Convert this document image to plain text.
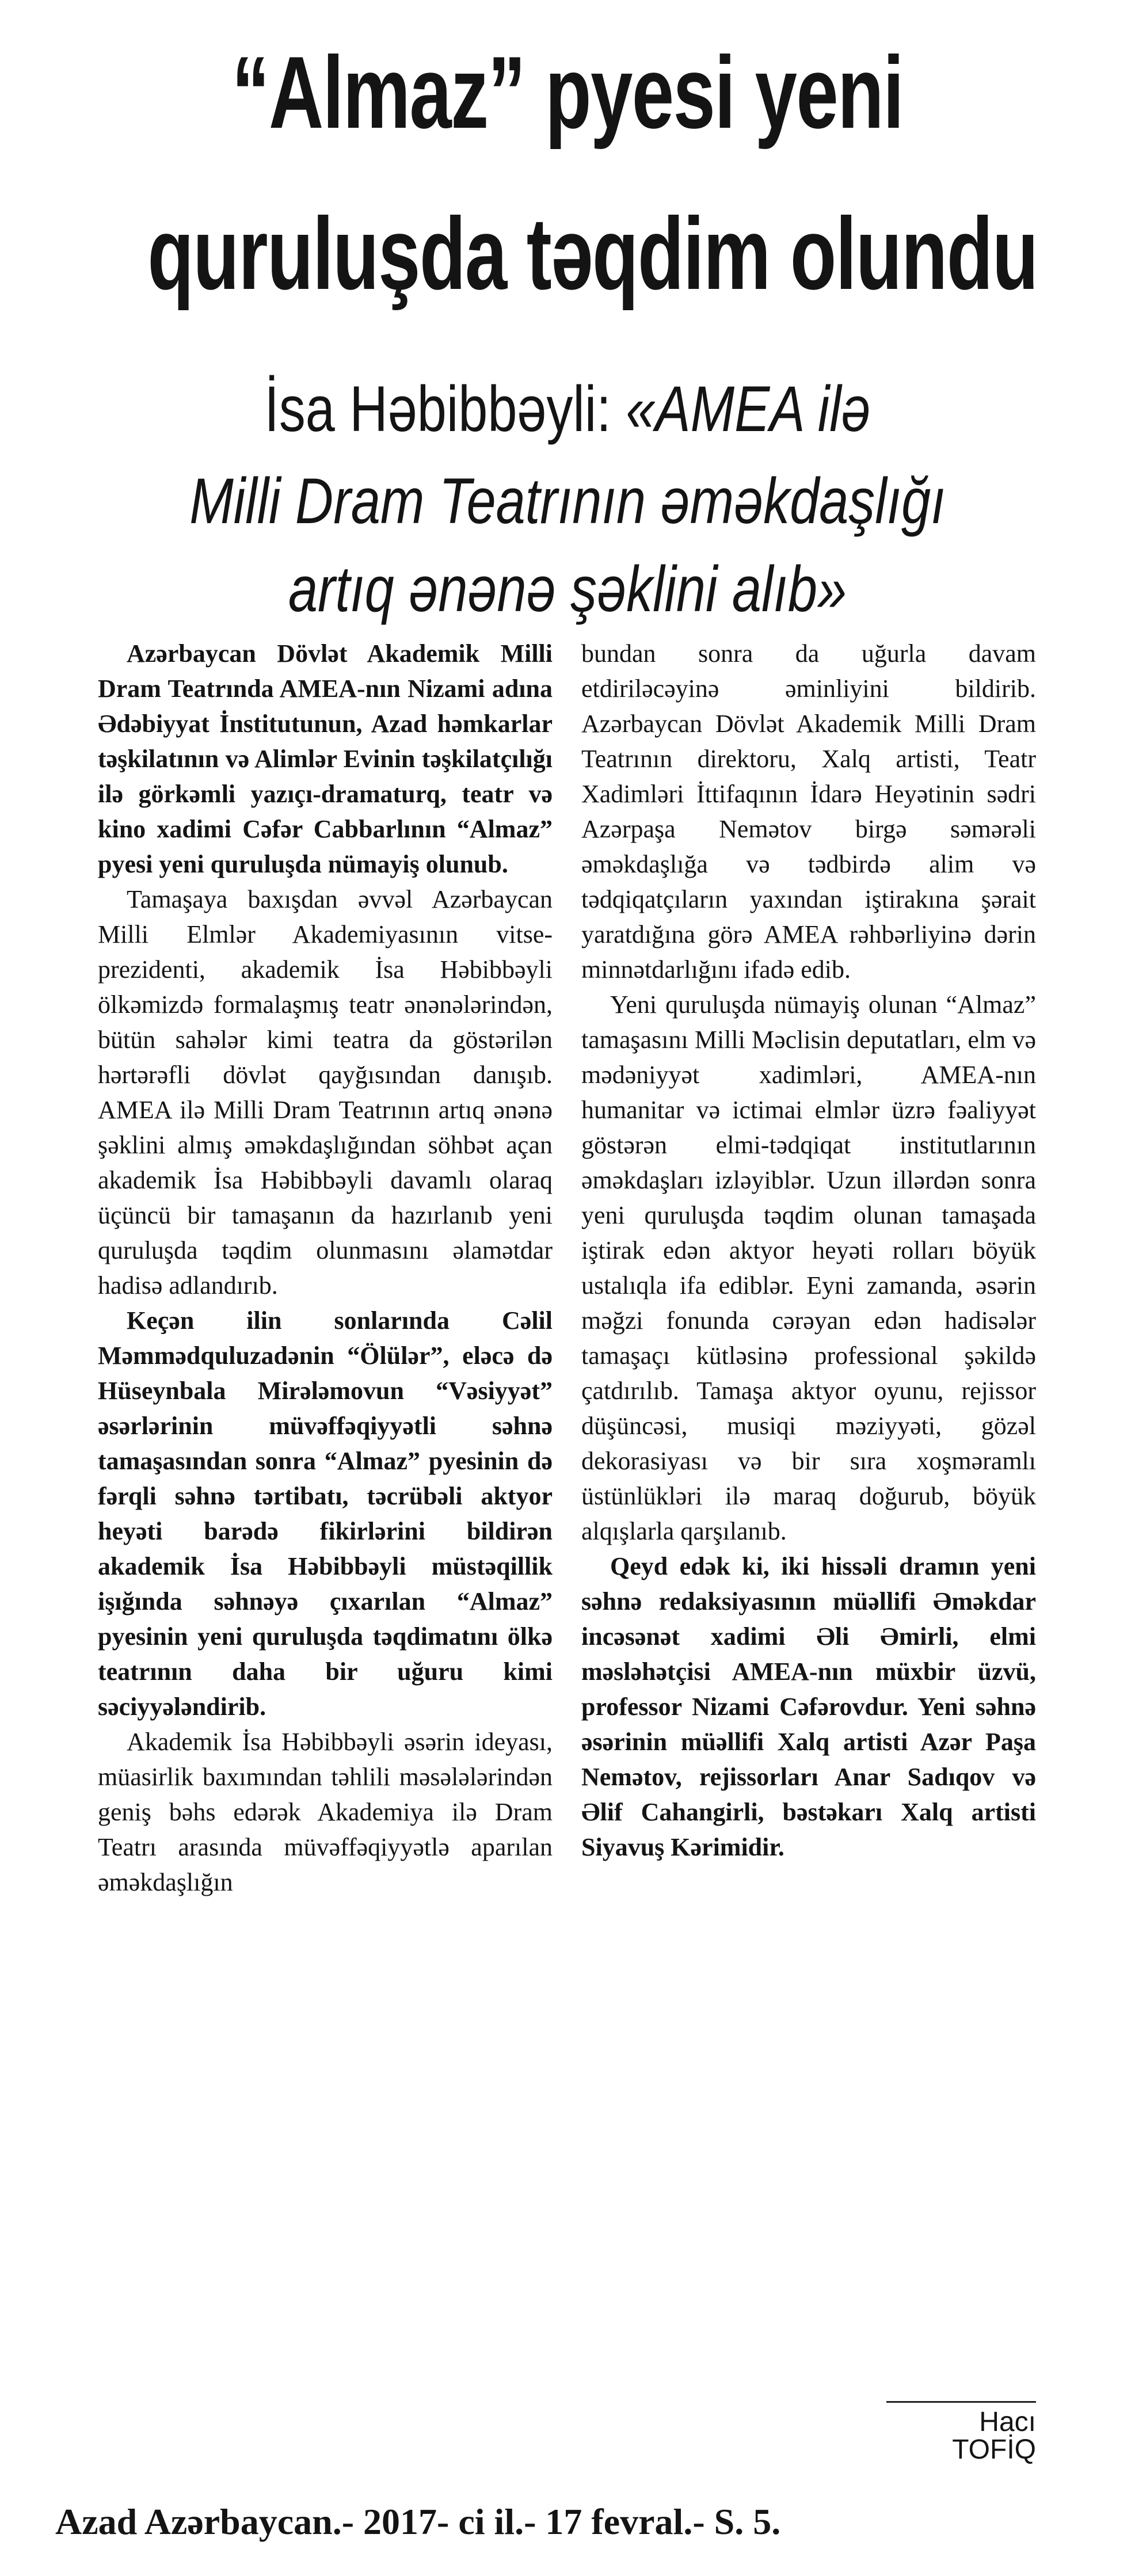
“Almaz” pyesi yeni
quruluşda təqdim olundu
İsa Həbibbəyli: «AMEA ilə
Milli Dram Teatrının əməkdaşlığı
artıq ənənə şəklini alıb»

Azərbaycan Dövlət Akademik Milli Dram Teatrında AMEA-nın Nizami adına Ədəbiyyat İnstitutunun, Azad həmkarlar təşkilatının və Alimlər Evinin təşkilatçılığı ilə görkəmli yazıçı-dramaturq, teatr və kino xadimi Cəfər Cabbarlının “Almaz” pyesi yeni quruluşda nümayiş olunub.

Tamaşaya baxışdan əvvəl Azərbaycan Milli Elmlər Akademiyasının vitse-prezidenti, akademik İsa Həbibbəyli ölkəmizdə formalaşmış teatr ənənələrindən, bütün sahələr kimi teatra da göstərilən hərtərəfli dövlət qayğısından danışıb. AMEA ilə Milli Dram Teatrının artıq ənənə şəklini almış əməkdaşlığından söhbət açan akademik İsa Həbibbəyli davamlı olaraq üçüncü bir tamaşanın da hazırlanıb yeni quruluşda təqdim olunmasını əlamətdar hadisə adlandırıb.

Keçən ilin sonlarında Cəlil Məmmədquluzadənin “Ölülər”, eləcə də Hüseynbala Mirələmovun “Vəsiyyət” əsərlərinin müvəffəqiyyətli səhnə tamaşasından sonra “Almaz” pyesinin də fərqli səhnə tərtibatı, təcrübəli aktyor heyəti barədə fikirlərini bildirən akademik İsa Həbibbəyli müstəqillik işığında səhnəyə çıxarılan “Almaz” pyesinin yeni quruluşda təqdimatını ölkə teatrının daha bir uğuru kimi səciyyələndirib.

Akademik İsa Həbibbəyli əsərin ideyası, müasirlik baxımından təhlili məsələlərindən geniş bəhs edərək Akademiya ilə Dram Teatrı arasında müvəffəqiyyətlə aparılan əməkdaşlığın

bundan sonra da uğurla davam etdiriləcəyinə əminliyini bildirib. Azərbaycan Dövlət Akademik Milli Dram Teatrının direktoru, Xalq artisti, Teatr Xadimləri İttifaqının İdarə Heyətinin sədri Azərpaşa Nemətov birgə səmərəli əməkdaşlığa və tədbirdə alim və tədqiqatçıların yaxından iştirakına şərait yaratdığına görə AMEA rəhbərliyinə dərin minnətdarlığını ifadə edib.

Yeni quruluşda nümayiş olunan “Almaz” tamaşasını Milli Məclisin deputatları, elm və mədəniyyət xadimləri, AMEA-nın humanitar və ictimai elmlər üzrə fəaliyyət göstərən elmi-tədqiqat institutlarının əməkdaşları izləyiblər. Uzun illərdən sonra yeni quruluşda təqdim olunan tamaşada iştirak edən aktyor heyəti rolları böyük ustalıqla ifa ediblər. Eyni zamanda, əsərin məğzi fonunda cərəyan edən hadisələr tamaşaçı kütləsinə professional şəkildə çatdırılıb. Tamaşa aktyor oyunu, rejissor düşüncəsi, musiqi məziyyəti, gözəl dekorasiyası və bir sıra xoşməramlı üstünlükləri ilə maraq doğurub, böyük alqışlarla qarşılanıb.

Qeyd edək ki, iki hissəli dramın yeni səhnə redaksiyasının müəllifi Əməkdar incəsənət xadimi Əli Əmirli, elmi məsləhətçisi AMEA-nın müxbir üzvü, professor Nizami Cəfərovdur. Yeni səhnə əsərinin müəllifi Xalq artisti Azər Paşa Nemətov, rejissorları Anar Sadıqov və Əlif Cahangirli, bəstəkarı Xalq artisti Siyavuş Kərimidir.

Hacı TOFİQ
Azad Azərbaycan.- 2017- ci il.- 17 fevral.- S. 5.
